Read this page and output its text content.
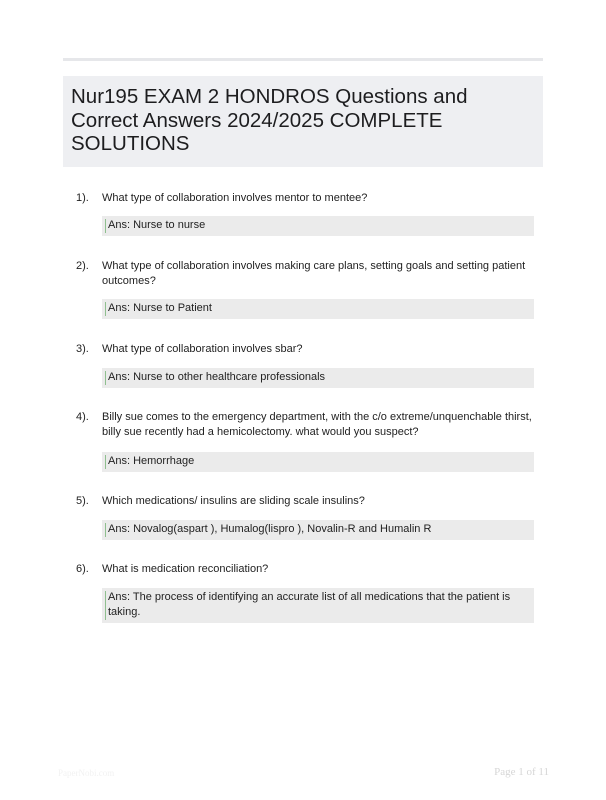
Nur195 EXAM 2 HONDROS Questions and Correct Answers 2024/2025 COMPLETE SOLUTIONS
1). What type of collaboration involves mentor to mentee?
Ans: Nurse to nurse
2). What type of collaboration involves making care plans, setting goals and setting patient outcomes?
Ans: Nurse to Patient
3). What type of collaboration involves sbar?
Ans: Nurse to other healthcare professionals
4). Billy sue comes to the emergency department, with the c/o extreme/unquenchable thirst, billy sue recently had a hemicolectomy. what would you suspect?
Ans: Hemorrhage
5). Which medications/ insulins are sliding scale insulins?
Ans: Novalog(aspart ), Humalog(lispro ), Novalin-R and Humalin R
6). What is medication reconciliation?
Ans: The process of identifying an accurate list of all medications that the patient is taking.
PaperNobi.com	Page 1 of 11
